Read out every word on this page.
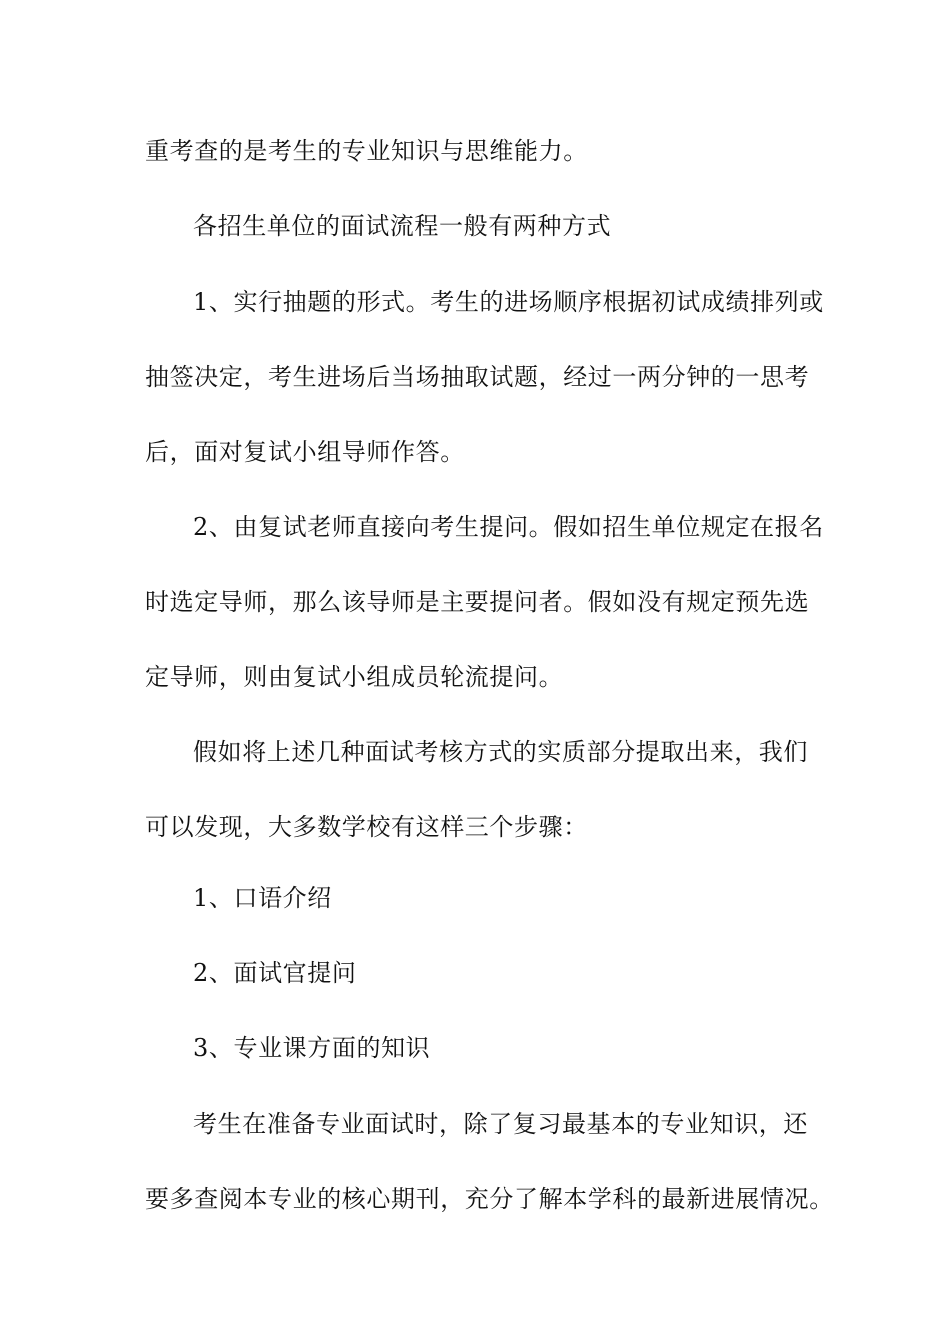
重考查的是考生的专业知识与思维能力。
各招生单位的面试流程一般有两种方式
1、实行抽题的形式。考生的进场顺序根据初试成绩排列或
抽签决定，考生进场后当场抽取试题，经过一两分钟的一思考
后，面对复试小组导师作答。
2、由复试老师直接向考生提问。假如招生单位规定在报名
时选定导师，那么该导师是主要提问者。假如没有规定预先选
定导师，则由复试小组成员轮流提问。
假如将上述几种面试考核方式的实质部分提取出来，我们
可以发现，大多数学校有这样三个步骤：
1、口语介绍
2、面试官提问
3、专业课方面的知识
考生在准备专业面试时，除了复习最基本的专业知识，还
要多查阅本专业的核心期刊，充分了解本学科的最新进展情况。
